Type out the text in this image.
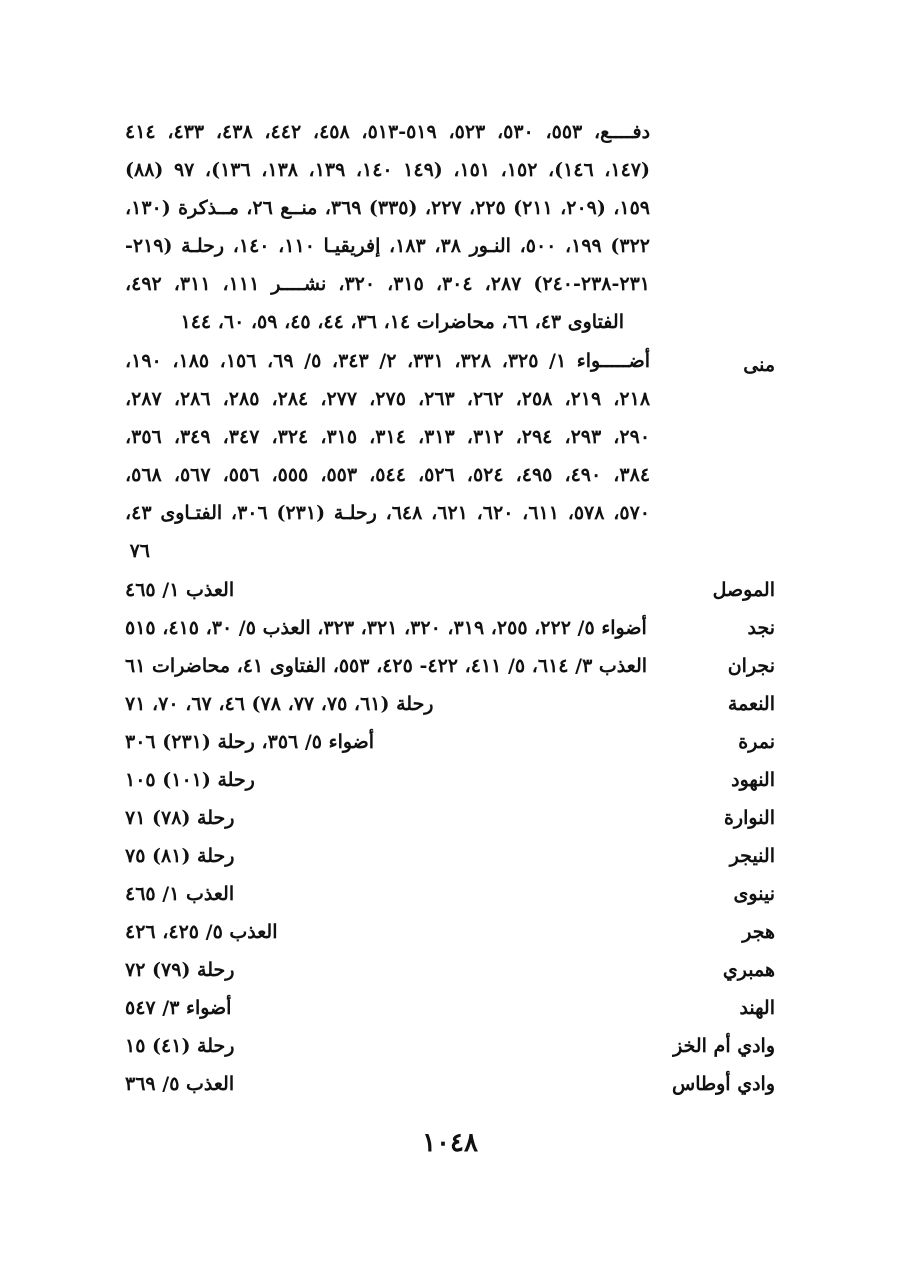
دفــــع، ٥٥٣، ٥٣٠، ٥٢٣، ٥١٩-٥١٣، ٤٥٨، ٤٤٢، ٤٣٨، ٤٣٣، ٤١٤
(١٤٧، ١٤٦)، ١٥٢، ١٥١، (١٤٩ ١٤٠، ١٣٩، ١٣٨، ١٣٦)، ٩٧ (٨٨)
١٥٩، (٢٠٩، ٢١١) ٢٢٥، ٢٢٧، (٣٣٥) ٣٦٩، منــع ٢٦، مــذكرة (١٣٠،
٣٢٢) ١٩٩، ٥٠٠، النـور ٣٨، ١٨٣، إفريقيـا ١١٠، ١٤٠، رحلـة (٢١٩-
٢٣١-٢٣٨-٢٤٠) ٢٨٧، ٣٠٤، ٣١٥، ٣٢٠، نشــــر ١١١، ٣١١، ٤٩٢،
الفتاوى ٤٣، ٦٦، محاضرات ١٤، ٣٦، ٤٤، ٤٥، ٥٩، ٦٠، ١٤٤
منى
أضـــــواء ١/ ٣٢٥، ٣٢٨، ٣٣١، ٢/ ٣٤٣، ٥/ ٦٩، ١٥٦، ١٨٥، ١٩٠،
٢١٨، ٢١٩، ٢٥٨، ٢٦٢، ٢٦٣، ٢٧٥، ٢٧٧، ٢٨٤، ٢٨٥، ٢٨٦، ٢٨٧،
٢٩٠، ٢٩٣، ٢٩٤، ٣١٢، ٣١٣، ٣١٤، ٣١٥، ٣٢٤، ٣٤٧، ٣٤٩، ٣٥٦،
٣٨٤، ٤٩٠، ٤٩٥، ٥٢٤، ٥٢٦، ٥٤٤، ٥٥٣، ٥٥٥، ٥٥٦، ٥٦٧، ٥٦٨،
٥٧٠، ٥٧٨، ٦١١، ٦٢٠، ٦٢١، ٦٤٨، رحلـة (٢٣١) ٣٠٦، الفتـاوى ٤٣،
٧٦
الموصل
العذب ١/ ٤٦٥
نجد
أضواء ٥/ ٢٢٢، ٢٥٥، ٣١٩، ٣٢٠، ٣٢١، ٣٢٣، العذب ٥/ ٣٠، ٤١٥، ٥١٥
نجران
العذب ٣/ ٦١٤، ٥/ ٤١١، ٤٢٢- ٤٢٥، ٥٥٣، الفتاوى ٤١، محاضرات ٦١
النعمة
رحلة (٦١، ٧٥، ٧٧، ٧٨) ٤٦، ٦٧، ٧٠، ٧١
نمرة
أضواء ٥/ ٣٥٦، رحلة (٢٣١) ٣٠٦
النهود
رحلة (١٠١) ١٠٥
النوارة
رحلة (٧٨) ٧١
النيجر
رحلة (٨١) ٧٥
نينوى
العذب ١/ ٤٦٥
هجر
العذب ٥/ ٤٢٥، ٤٢٦
همبري
رحلة (٧٩) ٧٢
الهند
أضواء ٣/ ٥٤٧
وادي أم الخز
رحلة (٤١) ١٥
وادي أوطاس
العذب ٥/ ٣٦٩
١٠٤٨
